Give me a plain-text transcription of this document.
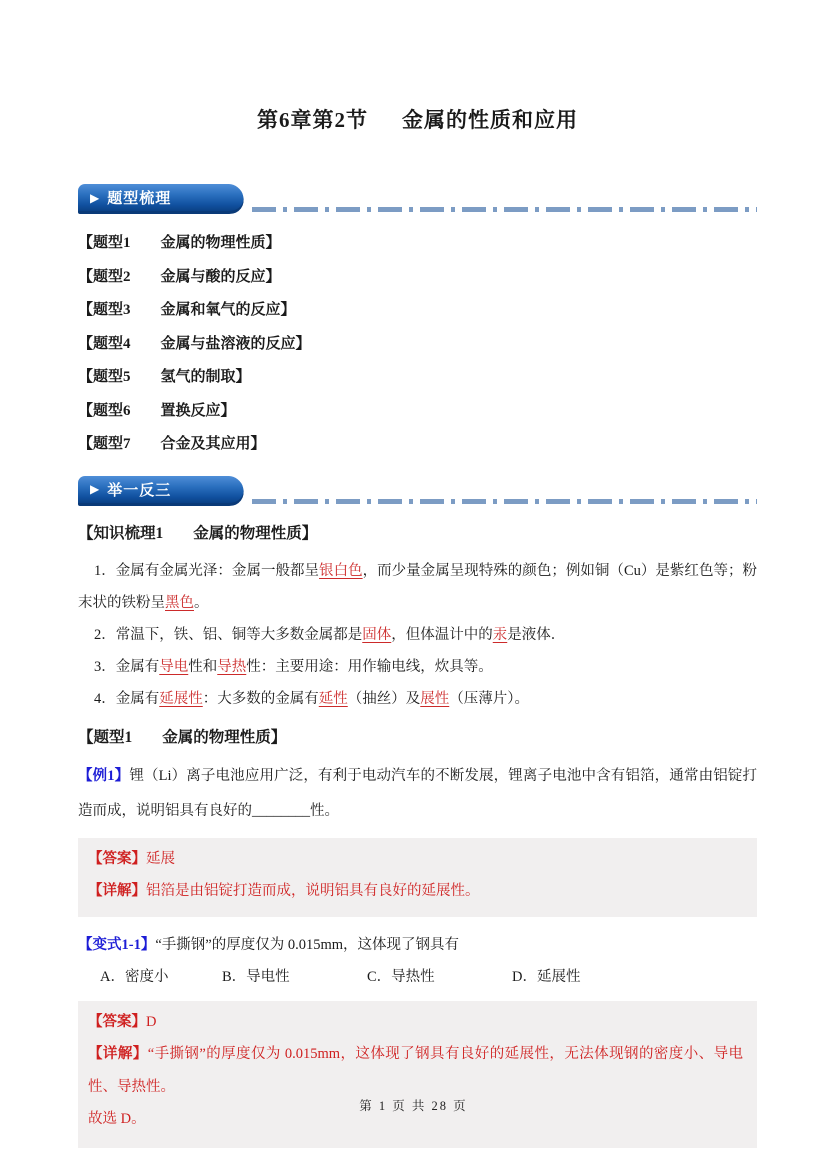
第6章第2节 金属的性质和应用
▶ 题型梳理
【题型1 金属的物理性质】
【题型2 金属与酸的反应】
【题型3 金属和氧气的反应】
【题型4 金属与盐溶液的反应】
【题型5 氢气的制取】
【题型6 置换反应】
【题型7 合金及其应用】
▶ 举一反三
【知识梳理1 金属的物理性质】

1．金属有金属光泽：金属一般都呈银白色，而少量金属呈现特殊的颜色；例如铜（Cu）是紫红色等；粉末状的铁粉呈黑色。

2．常温下，铁、铝、铜等大多数金属都是固体，但体温计中的汞是液体．

3．金属有导电性和导热性：主要用途：用作输电线，炊具等。

4．金属有延展性：大多数的金属有延性（抽丝）及展性（压薄片）。

【题型1 金属的物理性质】

【例1】锂（Li）离子电池应用广泛，有利于电动汽车的不断发展，锂离子电池中含有铝箔，通常由铝锭打造而成，说明铝具有良好的________性。

【答案】延展

【详解】铝箔是由铝锭打造而成，说明铝具有良好的延展性。

【变式1-1】“手撕钢”的厚度仅为 0.015mm，这体现了钢具有

A．密度小	B．导电性	C．导热性	D．延展性

【答案】D

【详解】“手撕钢”的厚度仅为 0.015mm，这体现了钢具有良好的延展性，无法体现钢的密度小、导电性、导热性。

故选 D。

第 1 页 共 28 页
